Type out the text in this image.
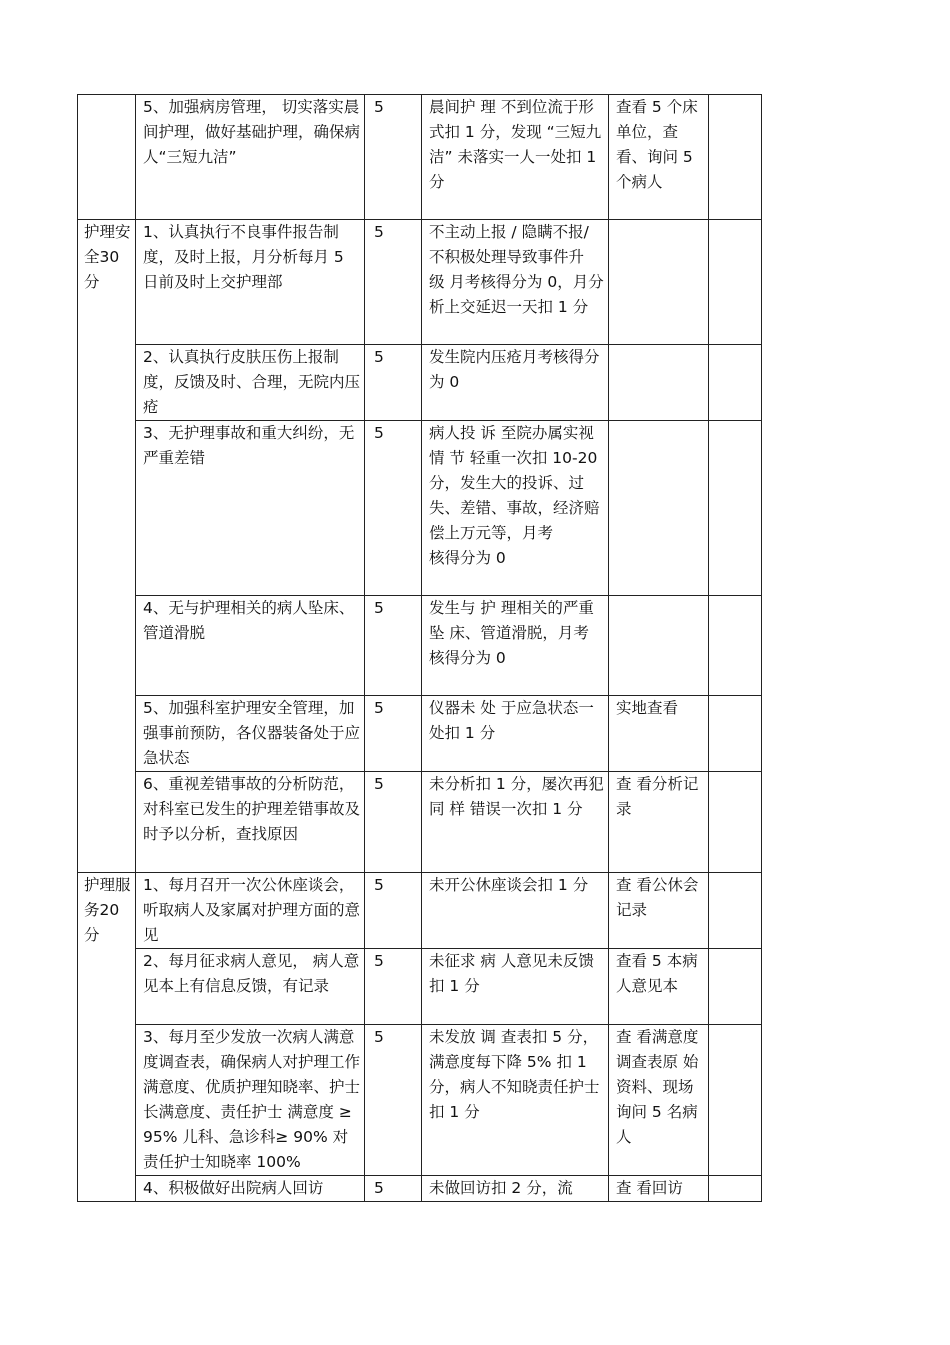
	5、加强病房管理， 切实落实晨间护理，做好基础护理，确保病人“三短九洁”	5	晨间护 理 不到位流于形式扣 1 分，发现 “三短九洁” 未落实一人一处扣 1 分	查看 5 个床单位，查 看、询问 5 个病人	
护理安全30分	1、认真执行不良事件报告制度，及时上报，月分析每月 5 日前及时上交护理部	5	不主动上报 / 隐瞒不报/ 不积极处理导致事件升 级 月考核得分为 0，月分析上交延迟一天扣 1 分		
	2、认真执行皮肤压伤上报制度，反馈及时、合理，无院内压疮	5	发生院内压疮月考核得分为 0		
	3、无护理事故和重大纠纷，无严重差错	5	病人投 诉 至院办属实视情 节 轻重一次扣 10-20 分，发生大的投诉、过失、差错、事故，经济赔偿上万元等，月考
核得分为 0		
	4、无与护理相关的病人坠床、
管道滑脱	5	发生与 护 理相关的严重坠 床、管道滑脱，月考
核得分为 0		
	5、加强科室护理安全管理，加强事前预防，各仪器装备处于应急状态	5	仪器未 处 于应急状态一处扣 1 分	实地查看	
	6、重视差错事故的分析防范，对科室已发生的护理差错事故及时予以分析，查找原因	5	未分析扣 1 分，屡次再犯同 样 错误一次扣 1 分	查 看分析记录	
护理服务20分	1、每月召开一次公休座谈会，听取病人及家属对护理方面的意见	5	未开公休座谈会扣 1 分	查 看公休会记录	
	2、每月征求病人意见， 病人意见本上有信息反馈，有记录	5	未征求 病 人意见未反馈扣 1 分	查看 5 本病 人意见本	
	3、每月至少发放一次病人满意度调查表，确保病人对护理工作满意度、优质护理知晓率、护士长满意度、责任护士 满意度 ≥ 95% 儿科、急诊科≥ 90% 对责任护士知晓率 100%	5	未发放 调 查表扣 5 分，满意度每下降 5% 扣 1 分，病人不知晓责任护士扣 1 分	查 看满意度 调查表原 始 资料、现场询问 5 名病人	
	4、积极做好出院病人回访	5	未做回访扣 2 分，流	查 看回访	
